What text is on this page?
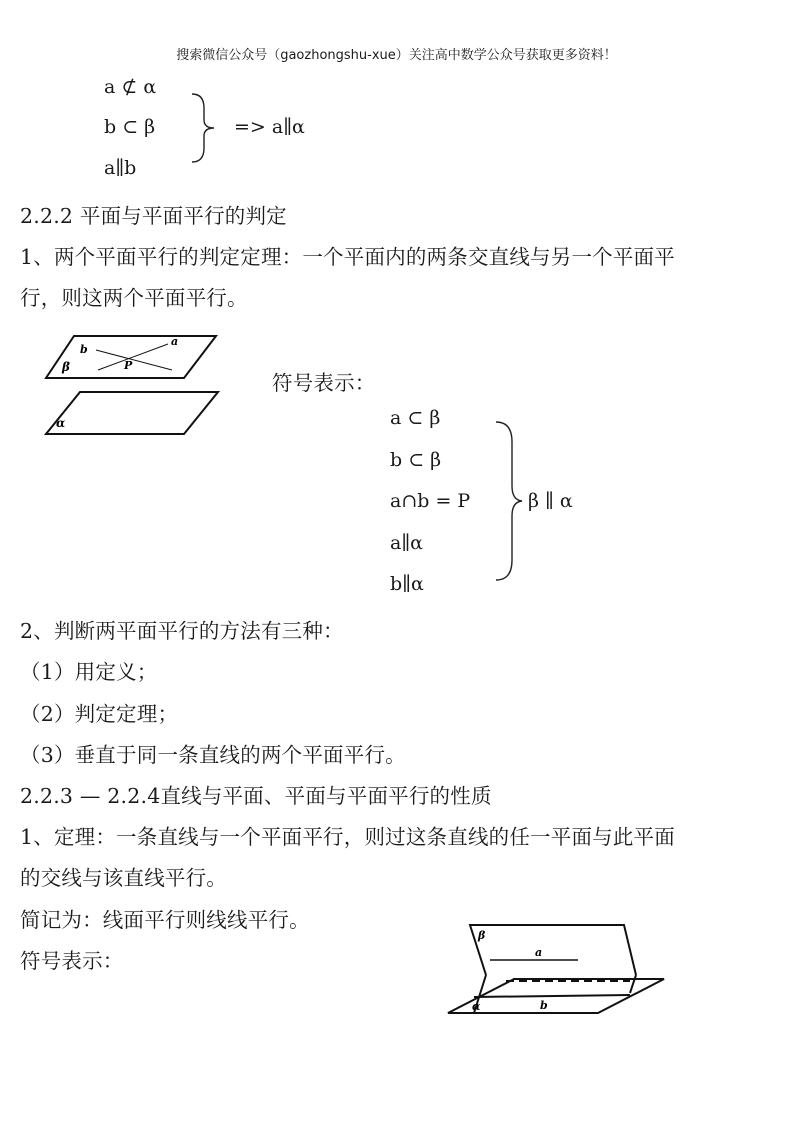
搜索微信公众号（gaozhongshu-xue）关注高中数学公众号获取更多资料！
a ⊄ α
b ⊂ β
a∥b
=> a∥α
2.2.2 平面与平面平行的判定
1、两个平面平行的判定定理：一个平面内的两条交直线与另一个平面平
行，则这两个平面平行。
b
a
β	P
α
符号表示：
a ⊂ β
b ⊂ β
a∩b = P
a∥α
b∥α
β ∥ α
2、判断两平面平行的方法有三种：
（1）用定义；
（2）判定定理；
（3）垂直于同一条直线的两个平面平行。
2.2.3 — 2.2.4直线与平面、平面与平面平行的性质
1、定理：一条直线与一个平面平行，则过这条直线的任一平面与此平面
的交线与该直线平行。
简记为：线面平行则线线平行。
符号表示：
β
a
α	b
